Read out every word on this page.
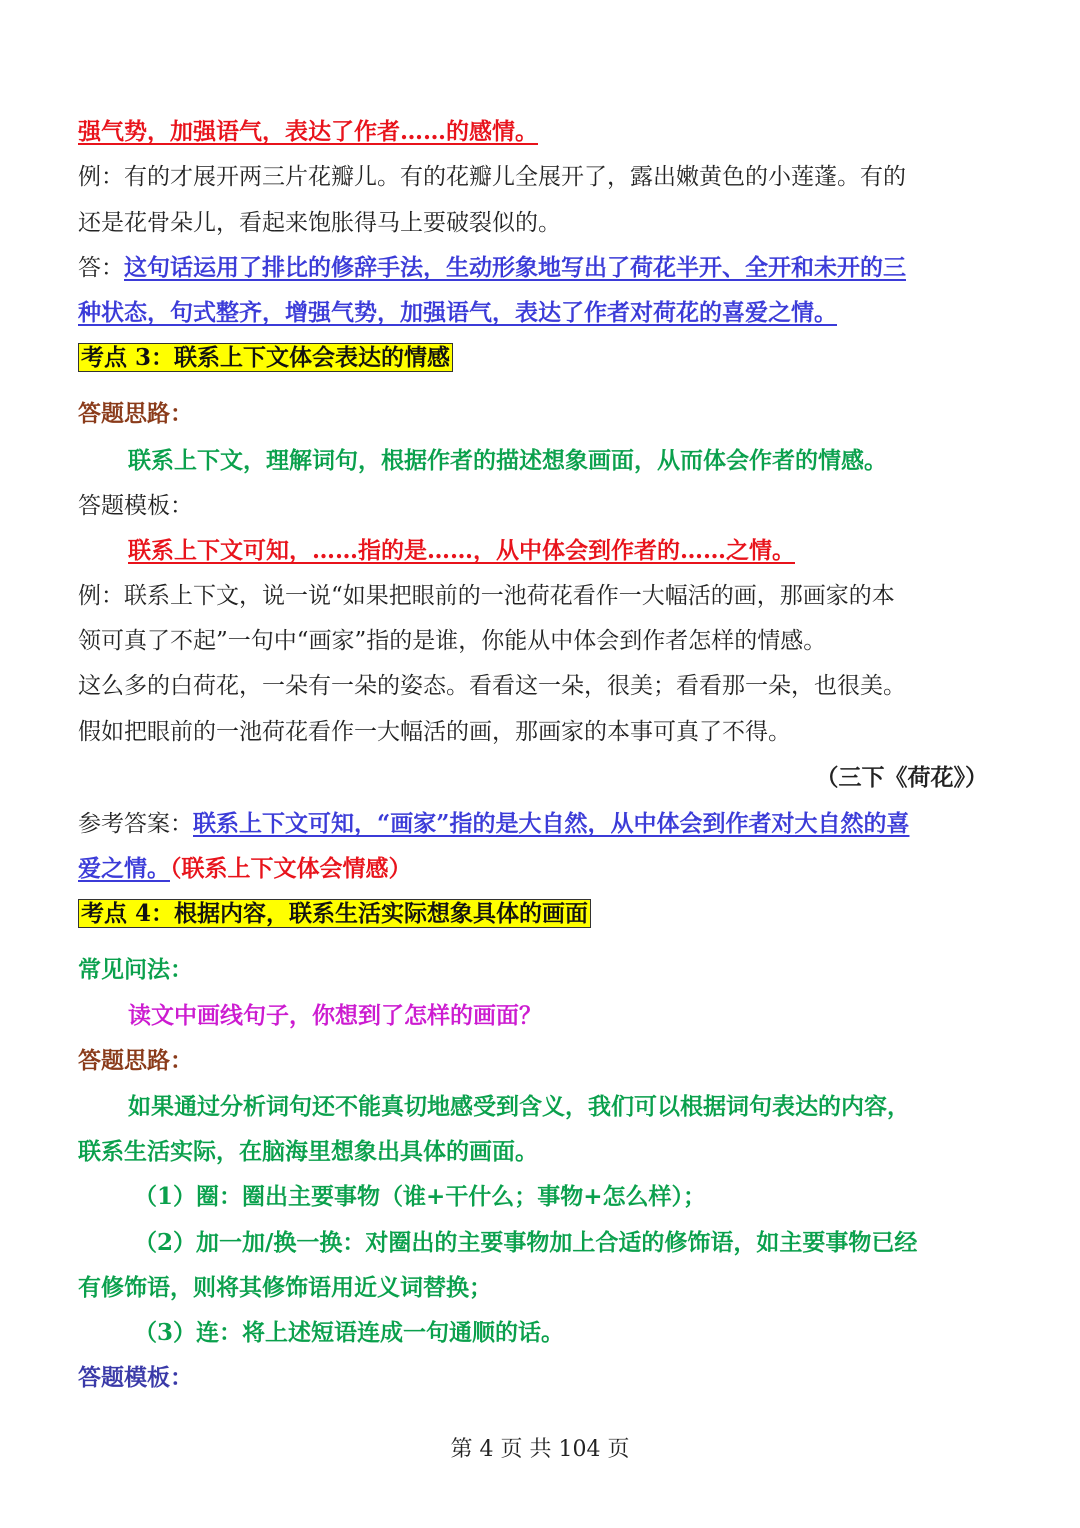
强气势，加强语气，表达了作者……的感情。
例：有的才展开两三片花瓣儿。有的花瓣儿全展开了，露出嫩黄色的小莲蓬。有的
还是花骨朵儿，看起来饱胀得马上要破裂似的。
答：这句话运用了排比的修辞手法，生动形象地写出了荷花半开、全开和未开的三
种状态，句式整齐，增强气势，加强语气，表达了作者对荷花的喜爱之情。
考点 3：联系上下文体会表达的情感
答题思路：
联系上下文，理解词句，根据作者的描述想象画面，从而体会作者的情感。
答题模板：
联系上下文可知，……指的是……，从中体会到作者的……之情。
例：联系上下文，说一说“如果把眼前的一池荷花看作一大幅活的画，那画家的本
领可真了不起”一句中“画家”指的是谁，你能从中体会到作者怎样的情感。
这么多的白荷花，一朵有一朵的姿态。看看这一朵，很美；看看那一朵，也很美。
假如把眼前的一池荷花看作一大幅活的画，那画家的本事可真了不得。
（三下《荷花》）
参考答案：联系上下文可知，“画家”指的是大自然，从中体会到作者对大自然的喜
爱之情。（联系上下文体会情感）
考点 4：根据内容，联系生活实际想象具体的画面
常见问法：
读文中画线句子，你想到了怎样的画面？
答题思路：
如果通过分析词句还不能真切地感受到含义，我们可以根据词句表达的内容，
联系生活实际，在脑海里想象出具体的画面。
（1）圈：圈出主要事物（谁+干什么；事物+怎么样）；
（2）加一加/换一换：对圈出的主要事物加上合适的修饰语，如主要事物已经
有修饰语，则将其修饰语用近义词替换；
（3）连：将上述短语连成一句通顺的话。
答题模板：
第 4 页 共 104 页
